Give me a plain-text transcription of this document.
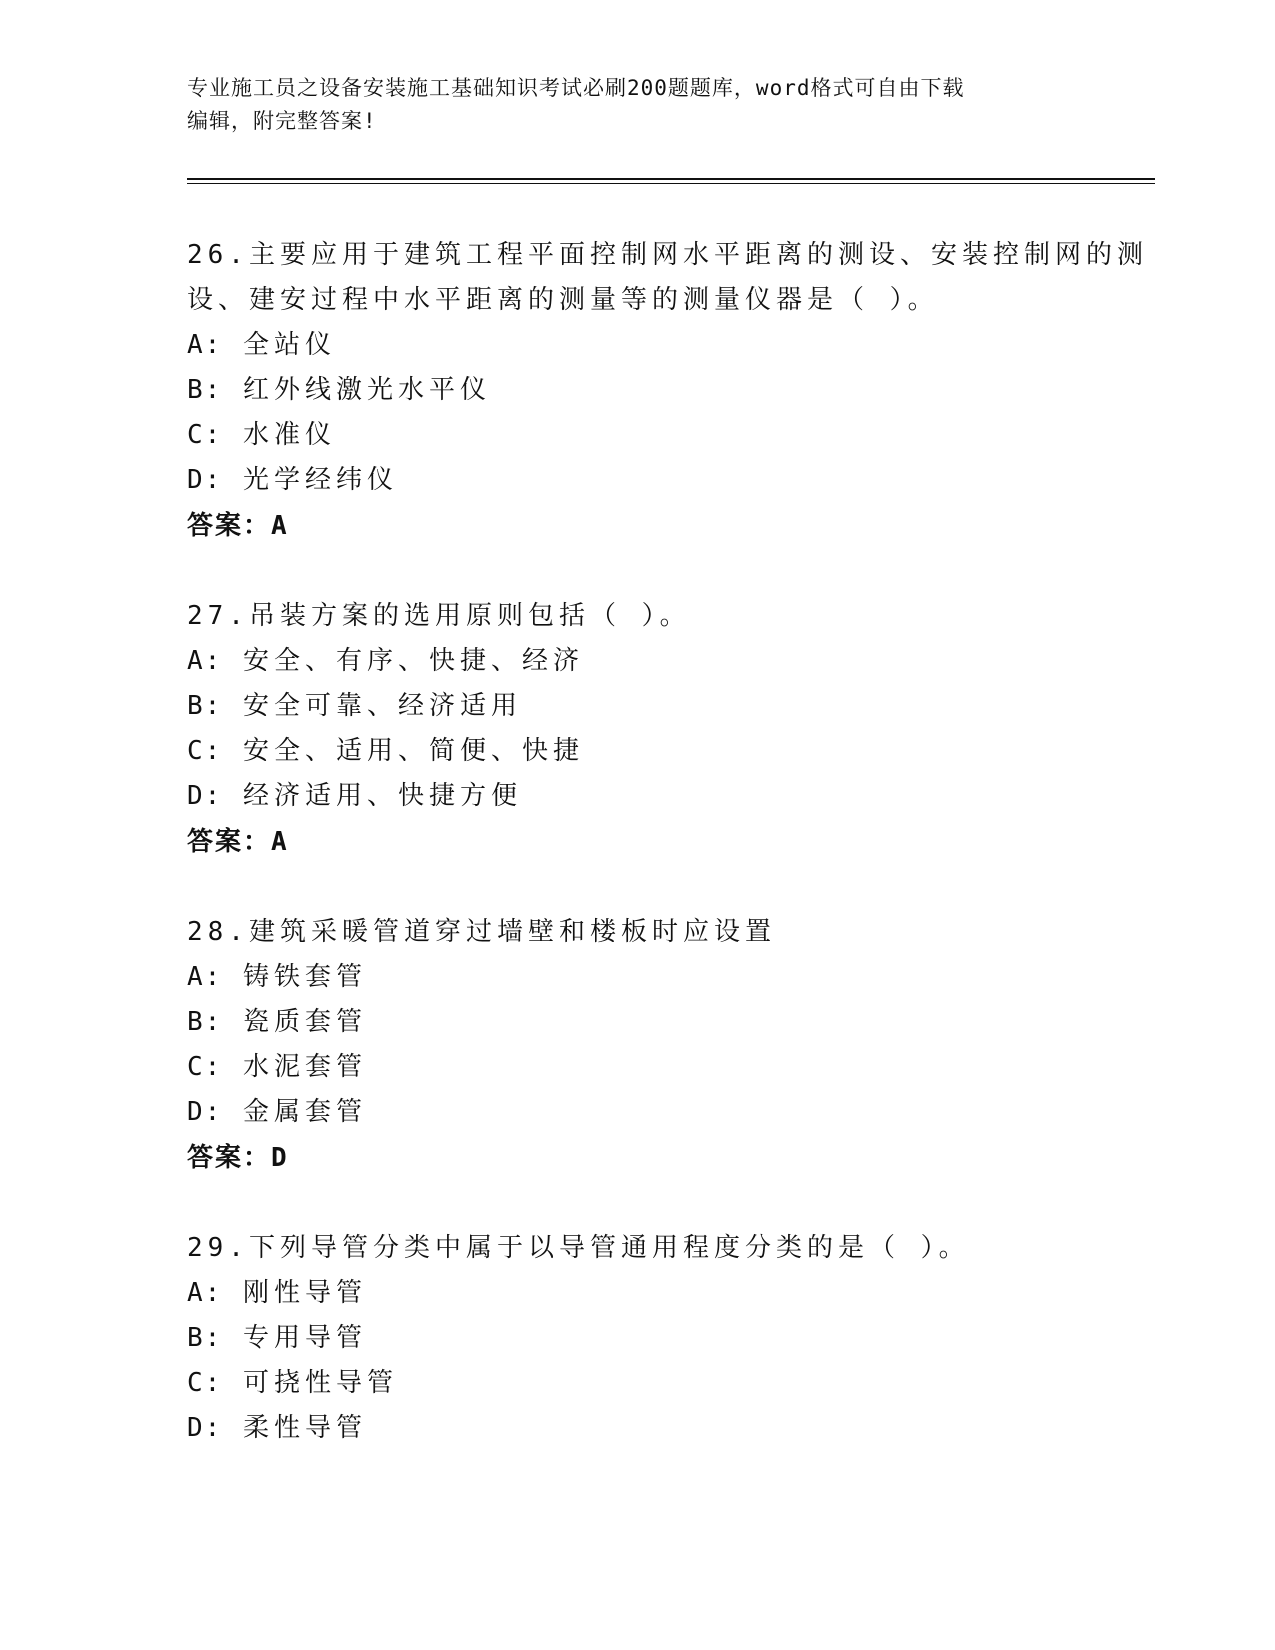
专业施工员之设备安装施工基础知识考试必刷200题题库，word格式可自由下载
编辑，附完整答案!
26.主要应用于建筑工程平面控制网水平距离的测设、安装控制网的测
设、建安过程中水平距离的测量等的测量仪器是（ ）。
A: 全站仪
B: 红外线激光水平仪
C: 水准仪
D: 光学经纬仪
答案：A
27.吊装方案的选用原则包括（ ）。
A: 安全、有序、快捷、经济
B: 安全可靠、经济适用
C: 安全、适用、简便、快捷
D: 经济适用、快捷方便
答案：A
28.建筑采暖管道穿过墙壁和楼板时应设置
A: 铸铁套管
B: 瓷质套管
C: 水泥套管
D: 金属套管
答案：D
29.下列导管分类中属于以导管通用程度分类的是（ ）。
A: 刚性导管
B: 专用导管
C: 可挠性导管
D: 柔性导管
